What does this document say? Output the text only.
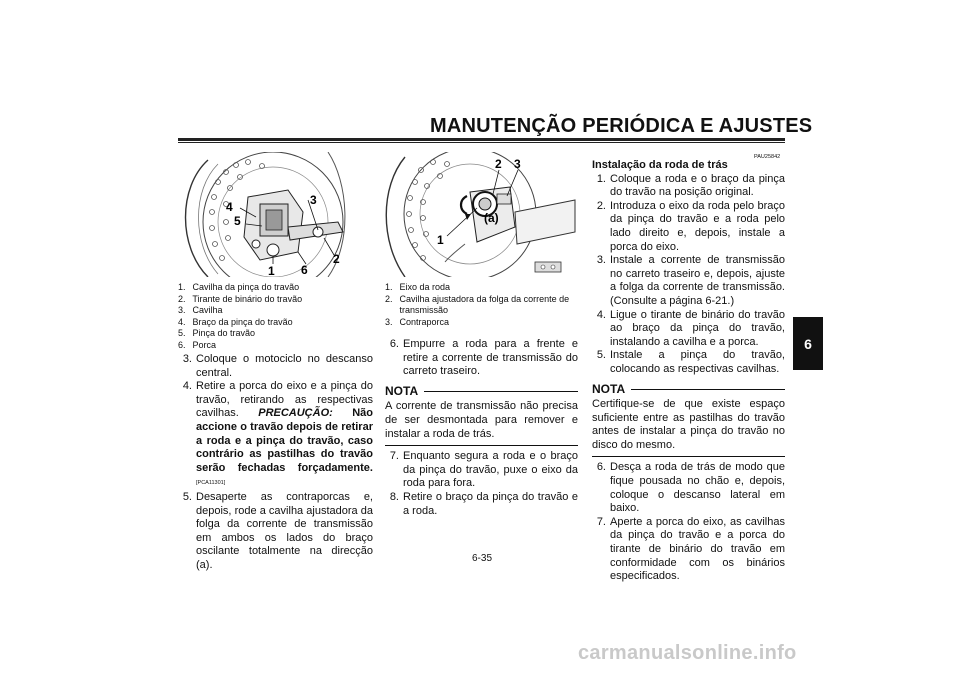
MANUTENÇÃO PERIÓDICA E AJUSTES
6
3
4
5
1 6
2
1. Cavilha da pinça do travão
2. Tirante de binário do travão
3. Cavilha
4. Braço da pinça do travão
5. Pinça do travão
6. Porca
2 3
(a)
1
1. Eixo da roda
2. Cavilha ajustadora da folga da corrente de
transmissão
3. Contraporca
3. Coloque o motociclo no descanso central.
4. Retire a porca do eixo e a pinça do travão, retirando as respectivas cavilhas. PRECAUÇÃO: Não accione o travão depois de retirar a roda e a pinça do travão, caso contrário as pastilhas do travão serão fechadas forçadamente. [PCA11301]
5. Desaperte as contraporcas e, depois, rode a cavilha ajustadora da folga da corrente de transmissão em ambos os lados do braço oscilante totalmente na direcção (a).
6. Empurre a roda para a frente e retire a corrente de transmissão do carreto traseiro.
NOTA
A corrente de transmissão não precisa de ser desmontada para remover e instalar a roda de trás.
7. Enquanto segura a roda e o braço da pinça do travão, puxe o eixo da roda para fora.
8. Retire o braço da pinça do travão e a roda.
PAU25842
Instalação da roda de trás
1. Coloque a roda e o braço da pinça do travão na posição original.
2. Introduza o eixo da roda pelo braço da pinça do travão e a roda pelo lado direito e, depois, instale a porca do eixo.
3. Instale a corrente de transmissão no carreto traseiro e, depois, ajuste a folga da corrente de transmissão. (Consulte a página 6-21.)
4. Ligue o tirante de binário do travão ao braço da pinça do travão, instalando a cavilha e a porca.
5. Instale a pinça do travão, colocando as respectivas cavilhas.
NOTA
Certifique-se de que existe espaço suficiente entre as pastilhas do travão antes de instalar a pinça do travão no disco do mesmo.
6. Desça a roda de trás de modo que fique pousada no chão e, depois, coloque o descanso lateral em baixo.
7. Aperte a porca do eixo, as cavilhas da pinça do travão e a porca do tirante de binário do travão em conformidade com os binários especificados.
6-35
carmanualsonline.info
